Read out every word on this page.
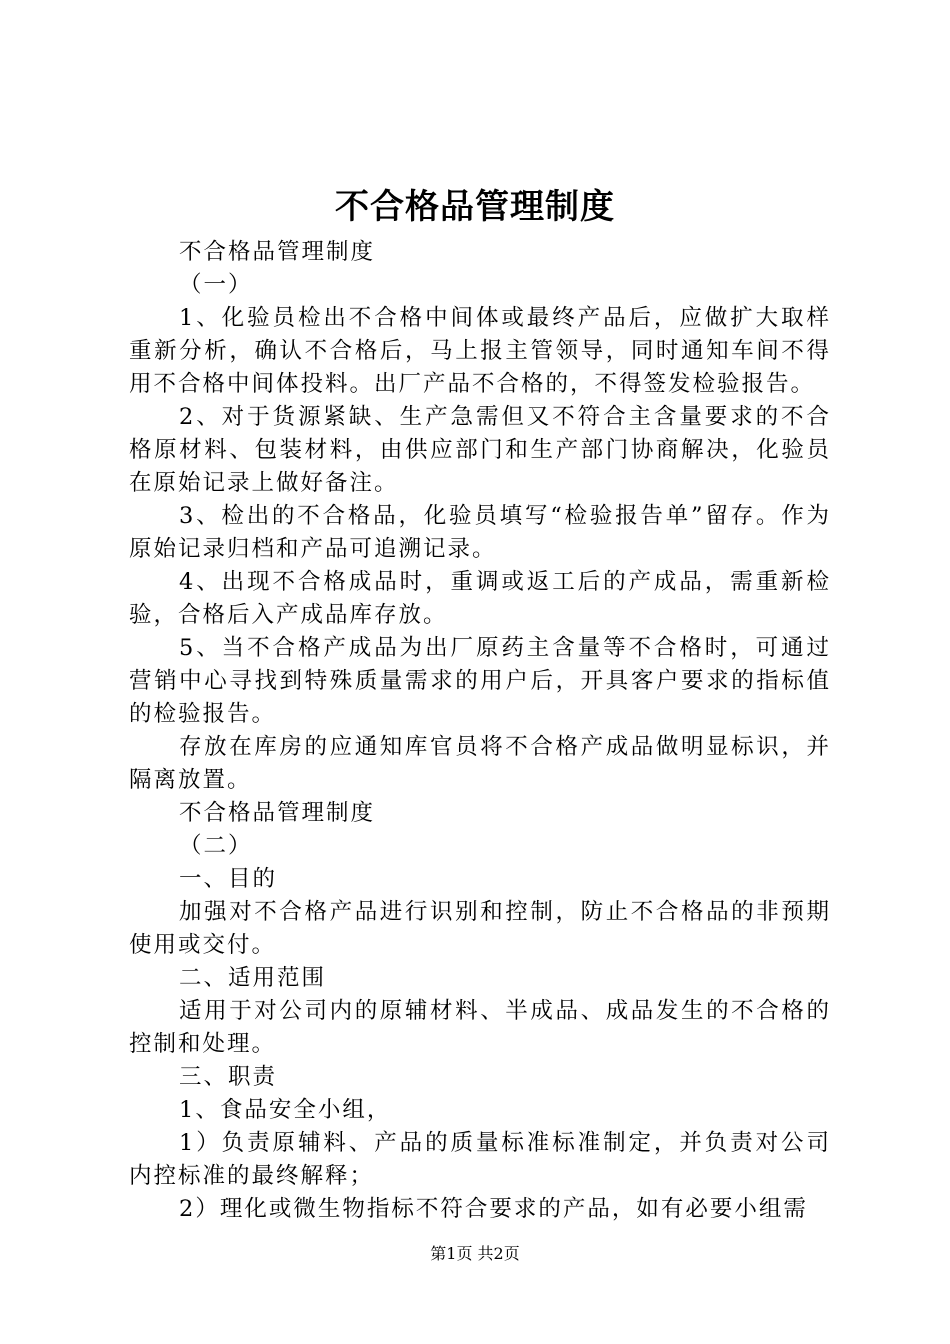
不合格品管理制度

不合格品管理制度

（一）

1、化验员检出不合格中间体或最终产品后，应做扩大取样重新分析，确认不合格后，马上报主管领导，同时通知车间不得用不合格中间体投料。出厂产品不合格的，不得签发检验报告。

2、对于货源紧缺、生产急需但又不符合主含量要求的不合格原材料、包装材料，由供应部门和生产部门协商解决，化验员在原始记录上做好备注。

3、检出的不合格品，化验员填写“检验报告单”留存。作为原始记录归档和产品可追溯记录。

4、出现不合格成品时，重调或返工后的产成品，需重新检验，合格后入产成品库存放。

5、当不合格产成品为出厂原药主含量等不合格时，可通过营销中心寻找到特殊质量需求的用户后，开具客户要求的指标值的检验报告。

存放在库房的应通知库官员将不合格产成品做明显标识，并隔离放置。

不合格品管理制度

（二）

一、目的

加强对不合格产品进行识别和控制，防止不合格品的非预期使用或交付。

二、适用范围

适用于对公司内的原辅材料、半成品、成品发生的不合格的控制和处理。

三、职责

1、食品安全小组，

1）负责原辅料、产品的质量标准标准制定，并负责对公司内控标准的最终解释；

2）理化或微生物指标不符合要求的产品，如有必要小组需

第1页 共2页
